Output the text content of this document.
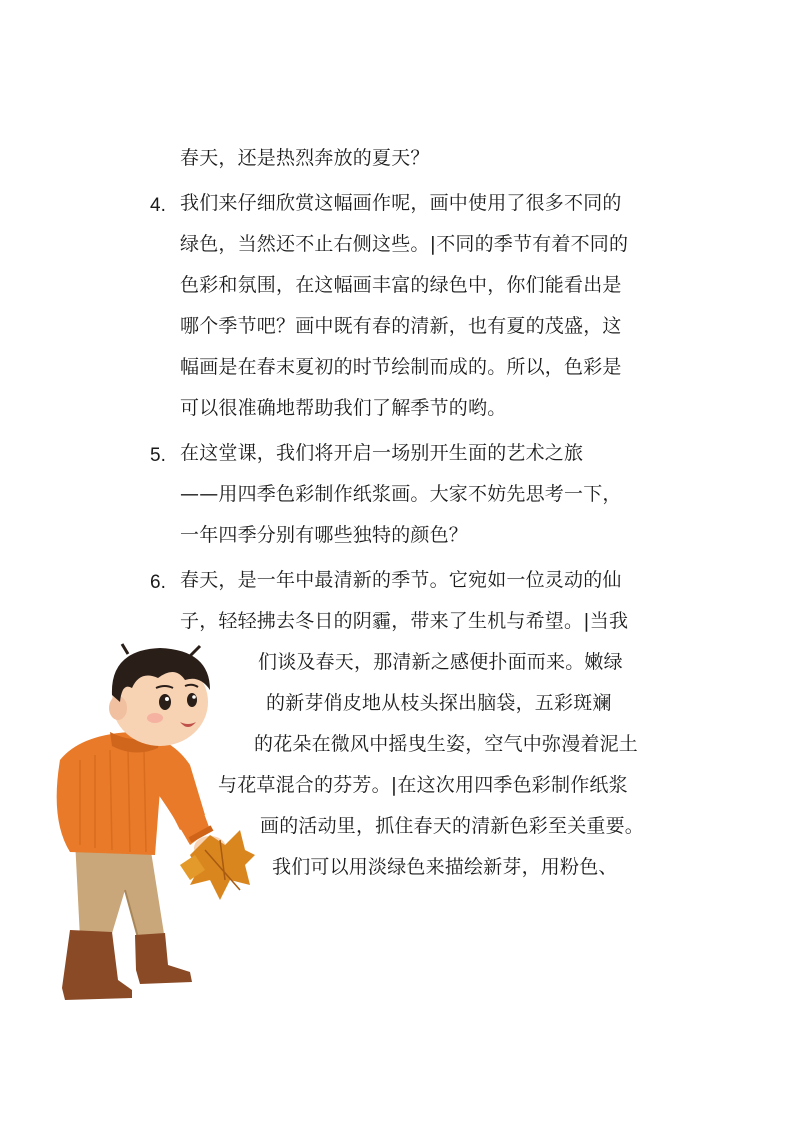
春天，还是热烈奔放的夏天？
4. 我们来仔细欣赏这幅画作呢，画中使用了很多不同的
绿色，当然还不止右侧这些。|不同的季节有着不同的
色彩和氛围，在这幅画丰富的绿色中，你们能看出是
哪个季节吧？画中既有春的清新，也有夏的茂盛，这
幅画是在春末夏初的时节绘制而成的。所以，色彩是
可以很准确地帮助我们了解季节的哟。
5. 在这堂课，我们将开启一场别开生面的艺术之旅
——用四季色彩制作纸浆画。大家不妨先思考一下，
一年四季分别有哪些独特的颜色？
6. 春天，是一年中最清新的季节。它宛如一位灵动的仙
子，轻轻拂去冬日的阴霾，带来了生机与希望。|当我
们谈及春天，那清新之感便扑面而来。嫩绿
的新芽俏皮地从枝头探出脑袋，五彩斑斓
的花朵在微风中摇曳生姿，空气中弥漫着泥土
与花草混合的芬芳。|在这次用四季色彩制作纸浆
画的活动里，抓住春天的清新色彩至关重要。
我们可以用淡绿色来描绘新芽，用粉色、
